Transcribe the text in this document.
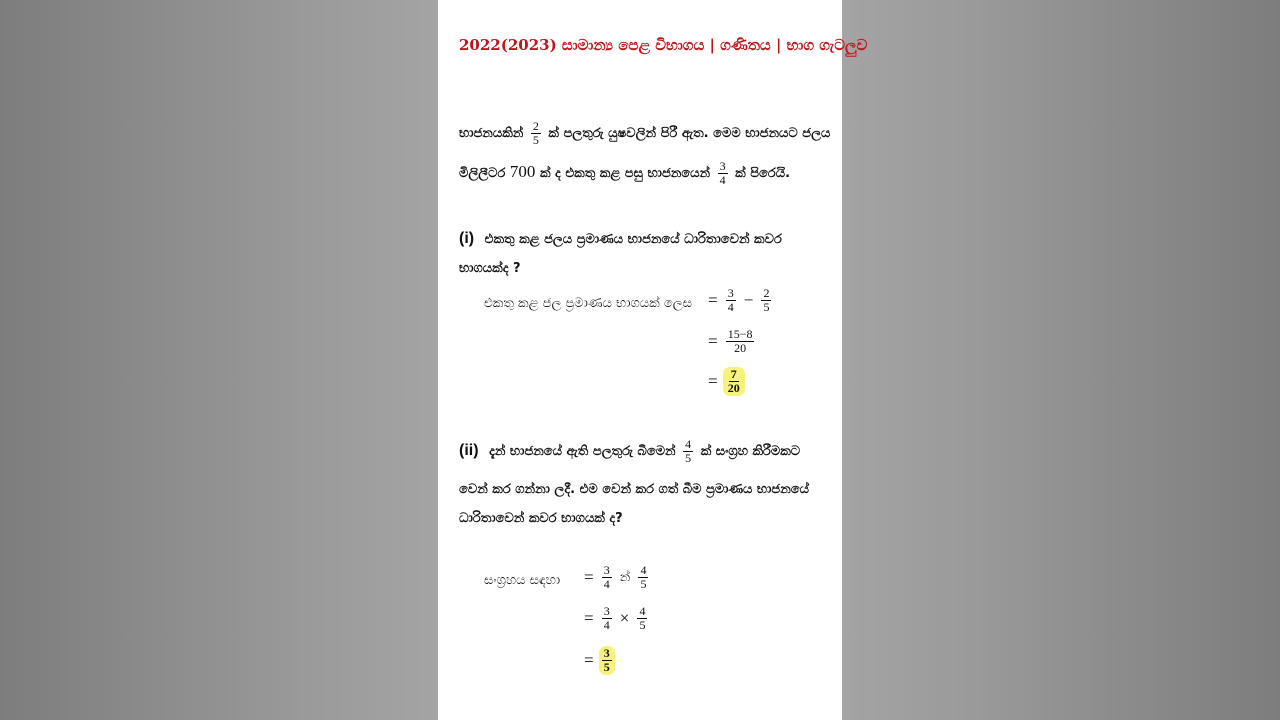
2022(2023) සාමාන්‍ය පෙළ විභාගය | ගණිතය | භාග ගැටලුව
භාජනයකින් $\frac{2}{5}$ ක් පලතුරු යුෂවලින් පිරී ඇත. මෙම භාජනයට ජලය
මිලිලීටර 700 ක් ද එකතු කළ පසු භාජනයෙන් $\frac{3}{4}$ ක් පිරෙයි.
(i) එකතු කළ ජලය ප්‍රමාණය භාජනයේ ධාරිතාවෙන් කවර
භාගයක්ද ?
එකතු කළ ජල ප්‍රමාණය භාගයක් ලෙස = $\frac{3}{4} - \frac{2}{5}$
= $\frac{15-8}{20}$
= $\frac{7}{20}$
(ii) දැන් භාජනයේ ඇති පලතුරු බීමෙන් $\frac{4}{5}$ ක් සංග්‍රහ කිරීමකට
වෙන් කර ගන්නා ලදී. එම වෙන් කර ගත් බීම ප්‍රමාණය භාජනයේ
ධාරිතාවෙන් කවර භාගයක් ද?
සංග්‍රහය සඳහා = $\frac{3}{4}$ න් $\frac{4}{5}$
= $\frac{3}{4} \times \frac{4}{5}$
= $\frac{3}{5}$
